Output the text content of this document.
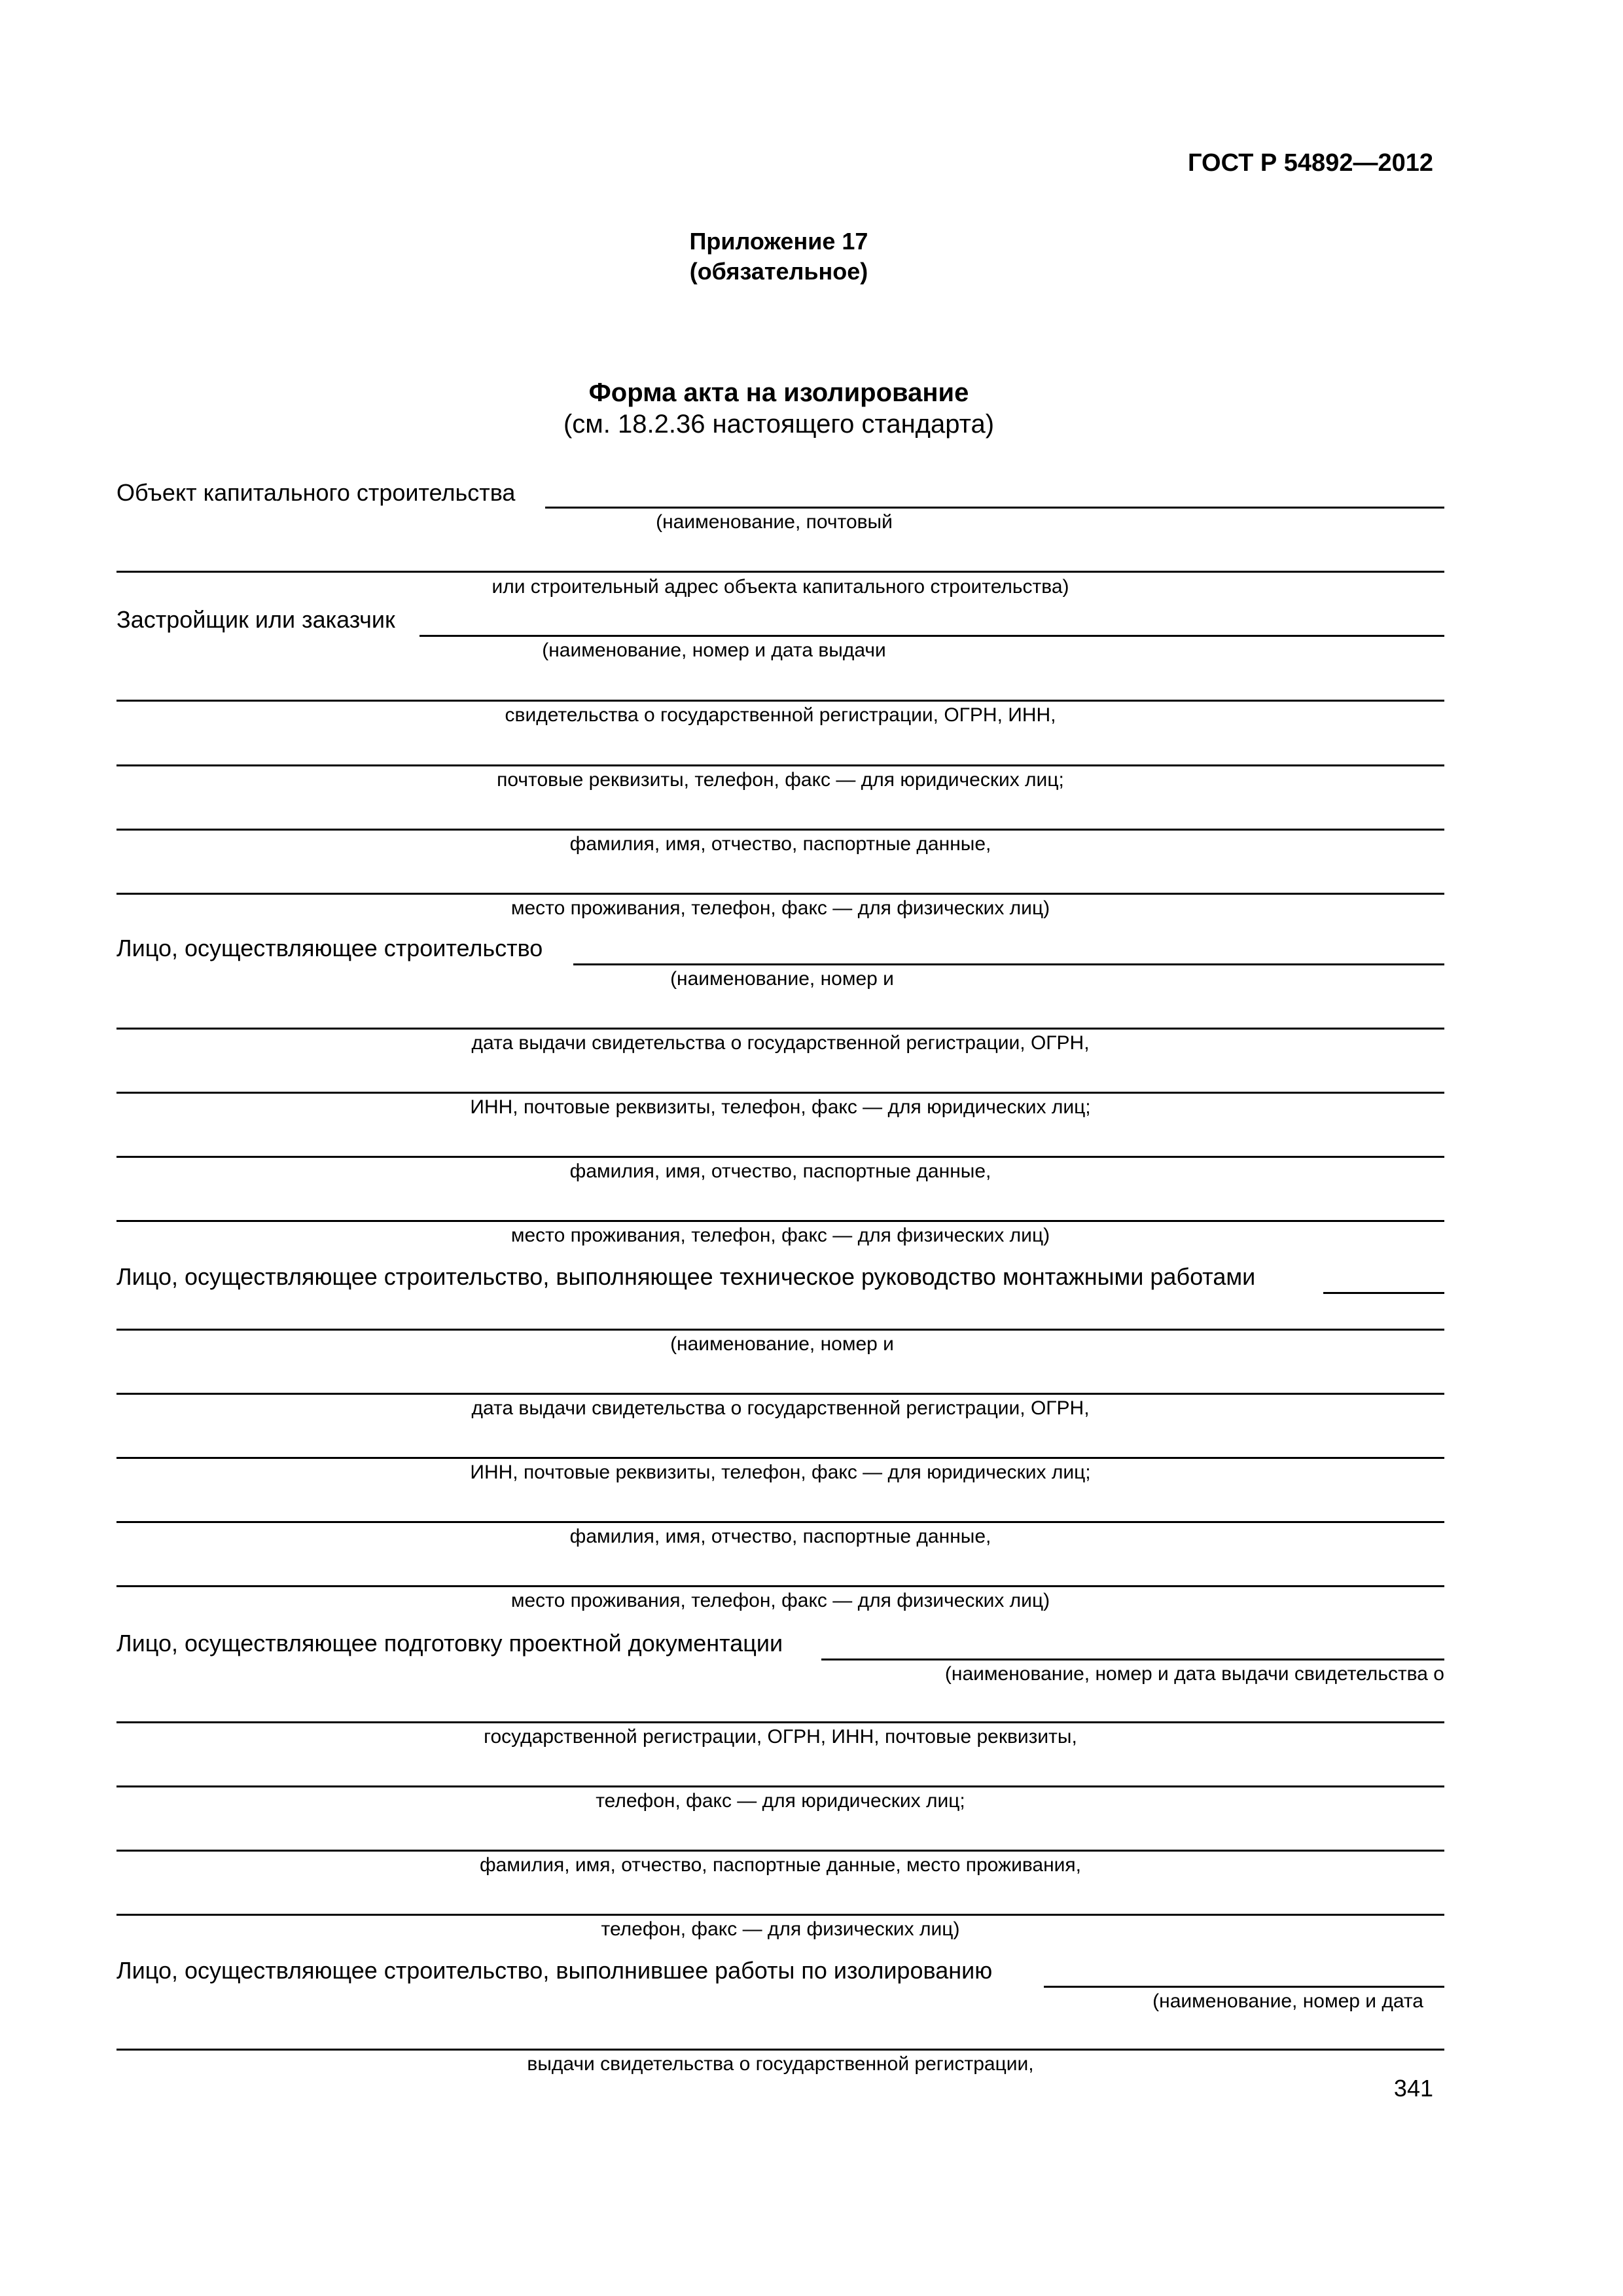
ГОСТ Р 54892—2012
Приложение 17
(обязательное)
Форма акта на изолирование
(см. 18.2.36 настоящего стандарта)
Объект капитального строительства
(наименование, почтовый
или строительный адрес объекта капитального строительства)
Застройщик или заказчик
(наименование, номер и дата выдачи
свидетельства о государственной регистрации, ОГРН, ИНН,
почтовые реквизиты, телефон, факс — для юридических лиц;
фамилия, имя, отчество, паспортные данные,
место проживания, телефон, факс — для физических лиц)
Лицо, осуществляющее строительство
(наименование, номер и
дата выдачи свидетельства о государственной регистрации, ОГРН,
ИНН, почтовые реквизиты, телефон, факс — для юридических лиц;
фамилия, имя, отчество, паспортные данные,
место проживания, телефон, факс — для физических лиц)
Лицо, осуществляющее строительство, выполняющее техническое руководство монтажными работами
(наименование, номер и
дата выдачи свидетельства о государственной регистрации, ОГРН,
ИНН, почтовые реквизиты, телефон, факс — для юридических лиц;
фамилия, имя, отчество, паспортные данные,
место проживания, телефон, факс — для физических лиц)
Лицо, осуществляющее подготовку проектной документации
(наименование, номер и дата выдачи свидетельства о
государственной регистрации, ОГРН, ИНН, почтовые реквизиты,
телефон, факс — для юридических лиц;
фамилия, имя, отчество, паспортные данные, место проживания,
телефон, факс — для физических лиц)
Лицо, осуществляющее строительство, выполнившее работы по изолированию
(наименование, номер и дата
выдачи свидетельства о государственной регистрации,
341
